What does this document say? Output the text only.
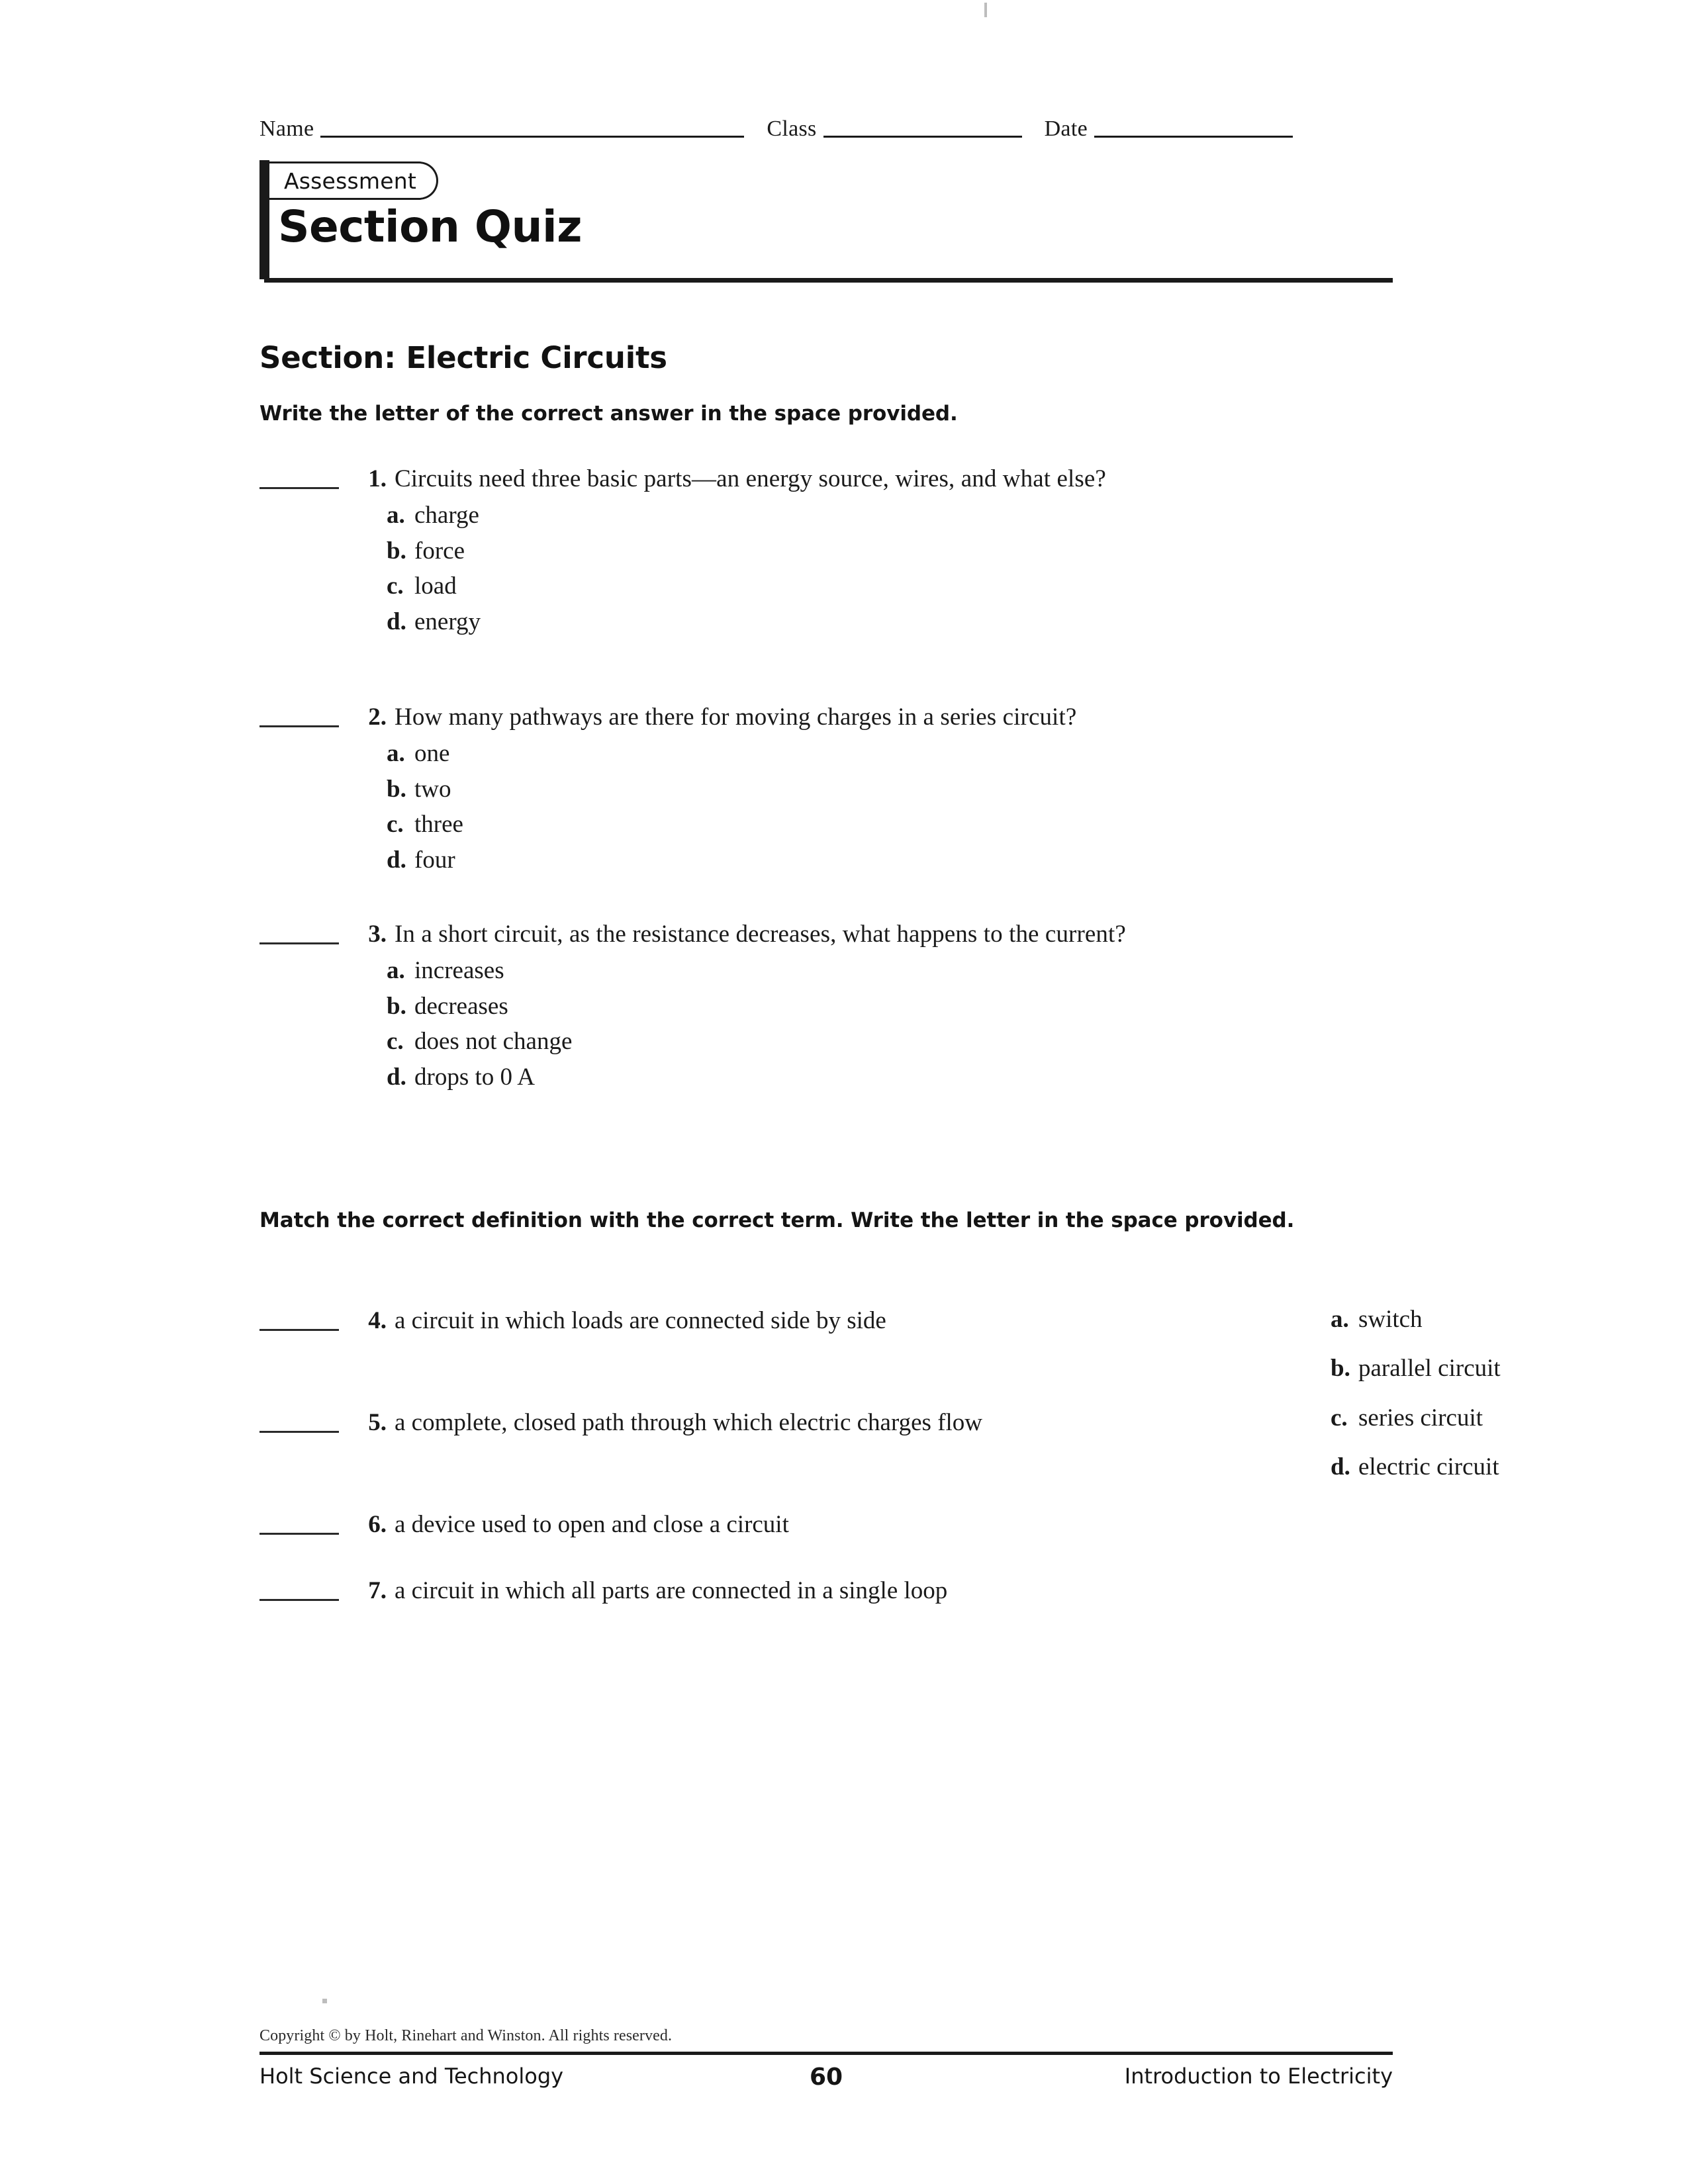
Name	Class	Date
Assessment
Section Quiz
Section: Electric Circuits
Write the letter of the correct answer in the space provided.
1. Circuits need three basic parts—an energy source, wires, and what else?
a. charge
b. force
c. load
d. energy
2. How many pathways are there for moving charges in a series circuit?
a. one
b. two
c. three
d. four
3. In a short circuit, as the resistance decreases, what happens to the current?
a. increases
b. decreases
c. does not change
d. drops to 0 A
Match the correct definition with the correct term. Write the letter in the space provided.
4. a circuit in which loads are connected side by side
5. a complete, closed path through which electric charges flow
6. a device used to open and close a circuit
7. a circuit in which all parts are connected in a single loop
a. switch
b. parallel circuit
c. series circuit
d. electric circuit
Copyright © by Holt, Rinehart and Winston. All rights reserved.
Holt Science and Technology	60	Introduction to Electricity
